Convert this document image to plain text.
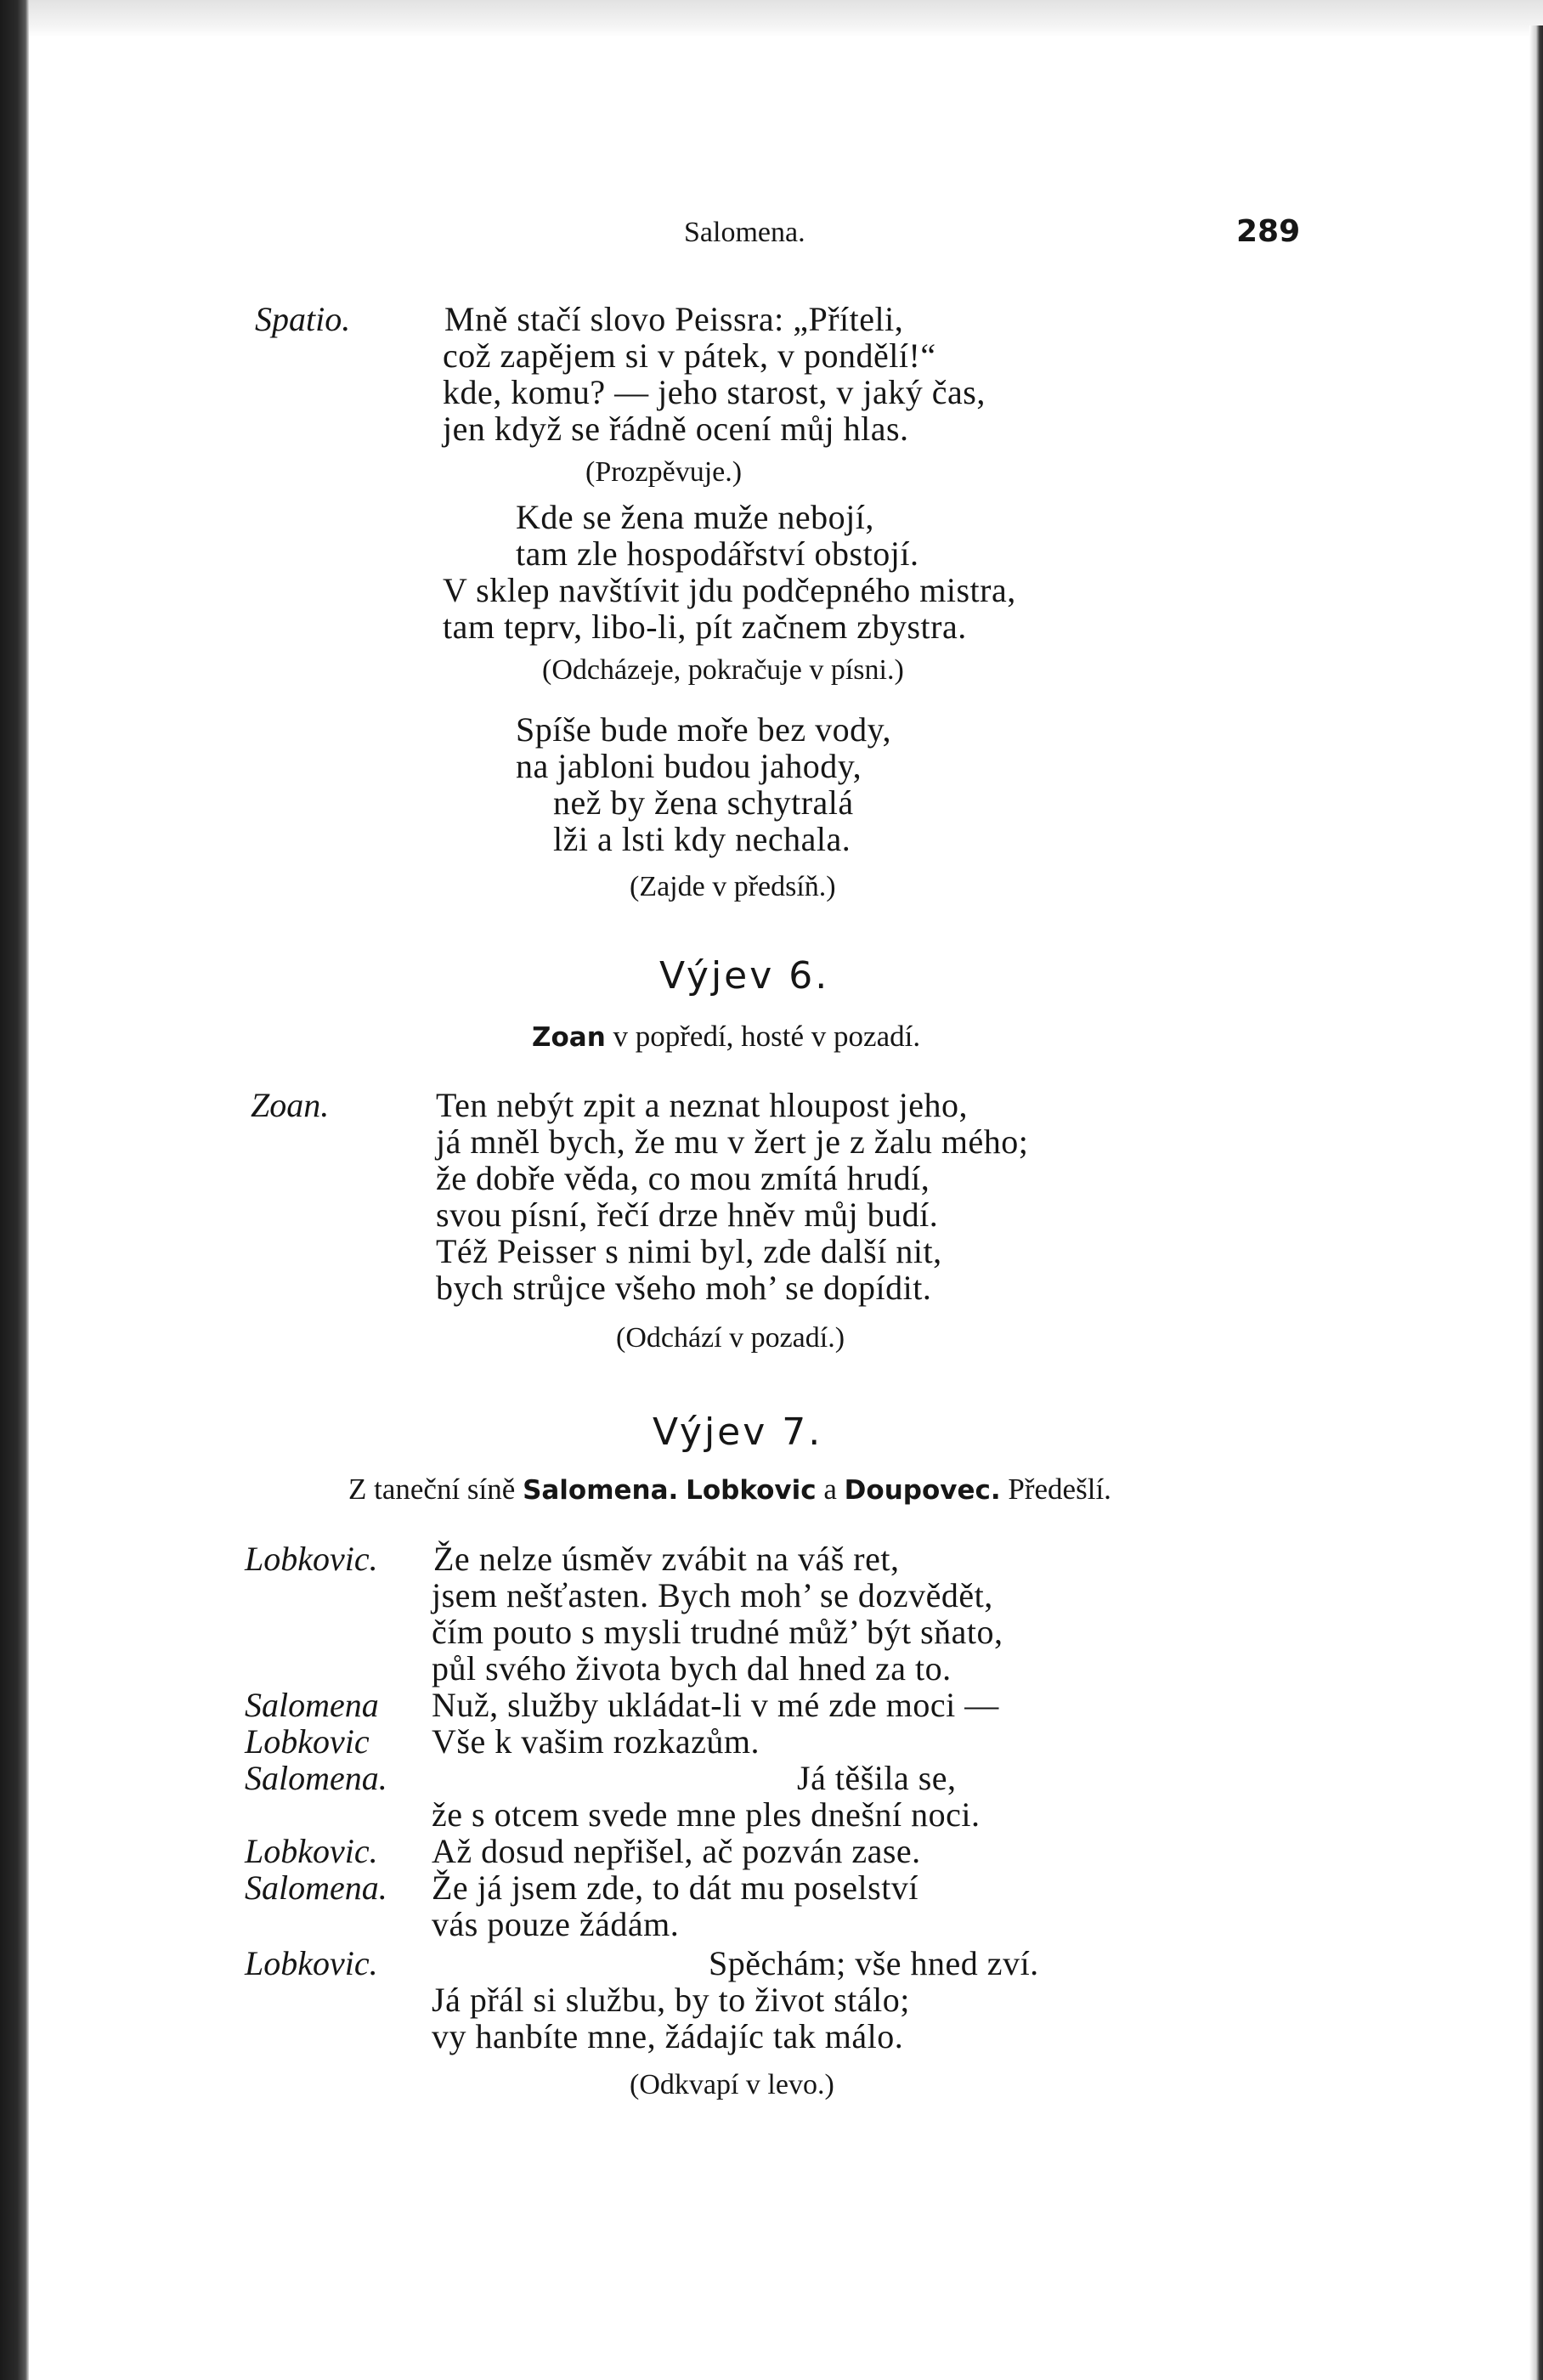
Salomena.	289
Spatio.	Mně stačí slovo Peissra: „Příteli,
což zapějem si v pátek, v pondělí!“
kde, komu? — jeho starost, v jaký čas,
jen když se řádně ocení můj hlas.
(Prozpěvuje.)
Kde se žena muže nebojí,
tam zle hospodářství obstojí.
V sklep navštívit jdu podčepného mistra,
tam teprv, libo-li, pít začnem zbystra.
(Odcházeje, pokračuje v písni.)
Spíše bude moře bez vody,
na jabloni budou jahody,
než by žena schytralá
lži a lsti kdy nechala.
(Zajde v předsíň.)
Výjev 6.
Zoan v popředí, hosté v pozadí.
Zoan.	Ten nebýt zpit a neznat hloupost jeho,
já mněl bych, že mu v žert je z žalu mého;
že dobře věda, co mou zmítá hrudí,
svou písní, řečí drze hněv můj budí.
Též Peisser s nimi byl, zde další nit,
bych strůjce všeho moh’ se dopídit.
(Odchází v pozadí.)
Výjev 7.
Z taneční síně Salomena. Lobkovic a Doupovec. Předešlí.
Lobkovic. Že nelze úsměv zvábit na váš ret,
jsem nešťasten. Bych moh’ se dozvědět,
čím pouto s mysli trudné můž’ být sňato,
půl svého života bych dal hned za to.
Salomena Nuž, služby ukládat-li v mé zde moci —
Lobkovic Vše k vašim rozkazům.
Salomena.	Já těšila se,
že s otcem svede mne ples dnešní noci.
Lobkovic. Až dosud nepřišel, ač pozván zase.
Salomena. Že já jsem zde, to dát mu poselství
vás pouze žádám.
Lobkovic.	Spěchám; vše hned zví.
Já přál si službu, by to život stálo;
vy hanbíte mne, žádajíc tak málo.
(Odkvapí v levo.)
